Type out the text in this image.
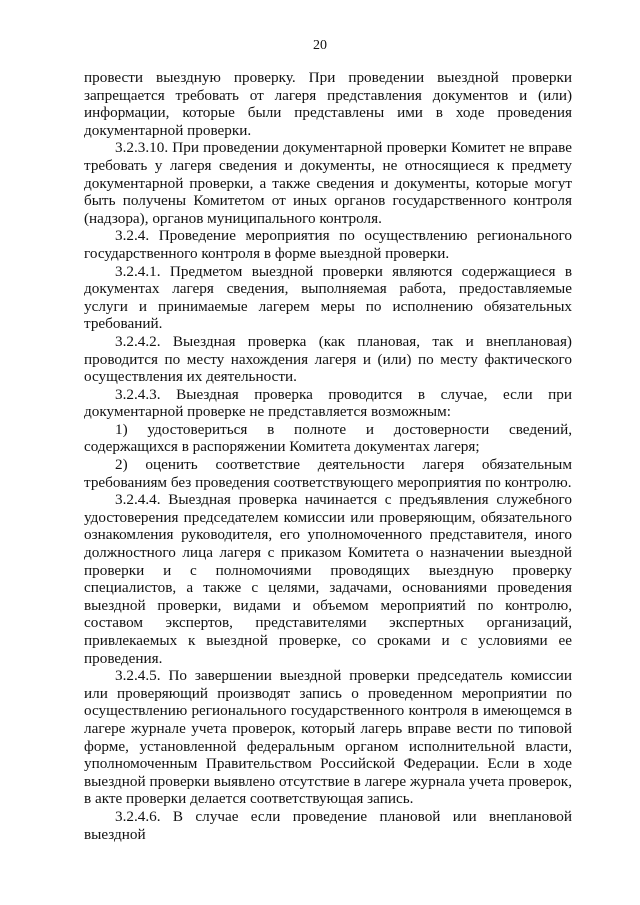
20

провести выездную проверку. При проведении выездной проверки запрещается требовать от лагеря представления документов и (или) информации, которые были представлены ими в ходе проведения документарной проверки.

3.2.3.10. При проведении документарной проверки Комитет не вправе требовать у лагеря сведения и документы, не относящиеся к предмету документарной проверки, а также сведения и документы, которые могут быть получены Комитетом от иных органов государственного контроля (надзора), органов муниципального контроля.

3.2.4. Проведение мероприятия по осуществлению регионального государственного контроля в форме выездной проверки.

3.2.4.1. Предметом выездной проверки являются содержащиеся в документах лагеря сведения, выполняемая работа, предоставляемые услуги и принимаемые лагерем меры по исполнению обязательных требований.

3.2.4.2. Выездная проверка (как плановая, так и внеплановая) проводится по месту нахождения лагеря и (или) по месту фактического осуществления их деятельности.

3.2.4.3. Выездная проверка проводится в случае, если при документарной проверке не представляется возможным:

1) удостовериться в полноте и достоверности сведений, содержащихся в распоряжении Комитета документах лагеря;

2) оценить соответствие деятельности лагеря обязательным требованиям без проведения соответствующего мероприятия по контролю.

3.2.4.4. Выездная проверка начинается с предъявления служебного удостоверения председателем комиссии или проверяющим, обязательного ознакомления руководителя, его уполномоченного представителя, иного должностного лица лагеря с приказом Комитета о назначении выездной проверки и с полномочиями проводящих выездную проверку специалистов, а также с целями, задачами, основаниями проведения выездной проверки, видами и объемом мероприятий по контролю, составом экспертов, представителями экспертных организаций, привлекаемых к выездной проверке, со сроками и с условиями ее проведения.

3.2.4.5. По завершении выездной проверки председатель комиссии или проверяющий производят запись о проведенном мероприятии по осуществлению регионального государственного контроля в имеющемся в лагере журнале учета проверок, который лагерь вправе вести по типовой форме, установленной федеральным органом исполнительной власти, уполномоченным Правительством Российской Федерации. Если в ходе выездной проверки выявлено отсутствие в лагере журнала учета проверок, в акте проверки делается соответствующая запись.

3.2.4.6. В случае если проведение плановой или внеплановой выездной
